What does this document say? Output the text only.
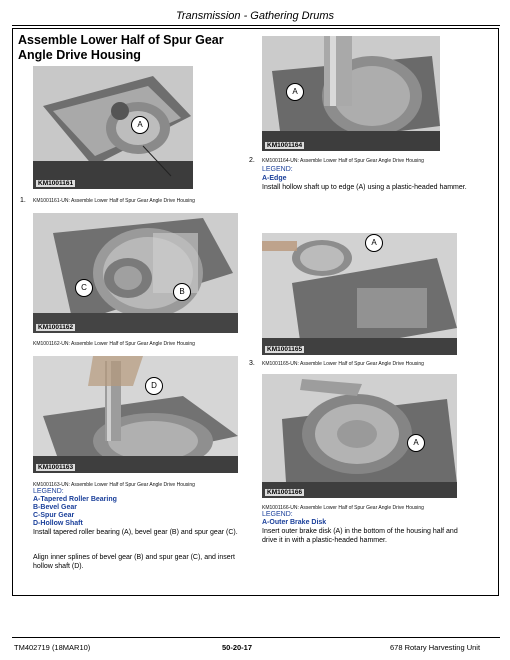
Transmission - Gathering Drums
Assemble Lower Half of Spur Gear Angle Drive Housing
A
KM1001161
1. KM1001161-UN: Assemble Lower Half of Spur Gear Angle Drive Housing
C	B
KM1001162
KM1001162-UN: Assemble Lower Half of Spur Gear Angle Drive Housing
D
KM1001163
KM1001163-UN: Assemble Lower Half of Spur Gear Angle Drive Housing
LEGEND:
A-Tapered Roller Bearing
B-Bevel Gear
C-Spur Gear
D-Hollow Shaft
Install tapered roller bearing (A), bevel gear (B) and spur gear (C).
Align inner splines of bevel gear (B) and spur gear (C), and insert hollow shaft (D).
A
KM1001164
2. KM1001164-UN: Assemble Lower Half of Spur Gear Angle Drive Housing
LEGEND:
A-Edge
Install hollow shaft up to edge (A) using a plastic-headed hammer.
A
KM1001165
3. KM1001165-UN: Assemble Lower Half of Spur Gear Angle Drive Housing
A
KM1001166
KM1001166-UN: Assemble Lower Half of Spur Gear Angle Drive Housing
LEGEND:
A-Outer Brake Disk
Insert outer brake disk (A) in the bottom of the housing half and drive it in with a plastic-headed hammer.
TM402719 (18MAR10)	50-20-17	678 Rotary Harvesting Unit
